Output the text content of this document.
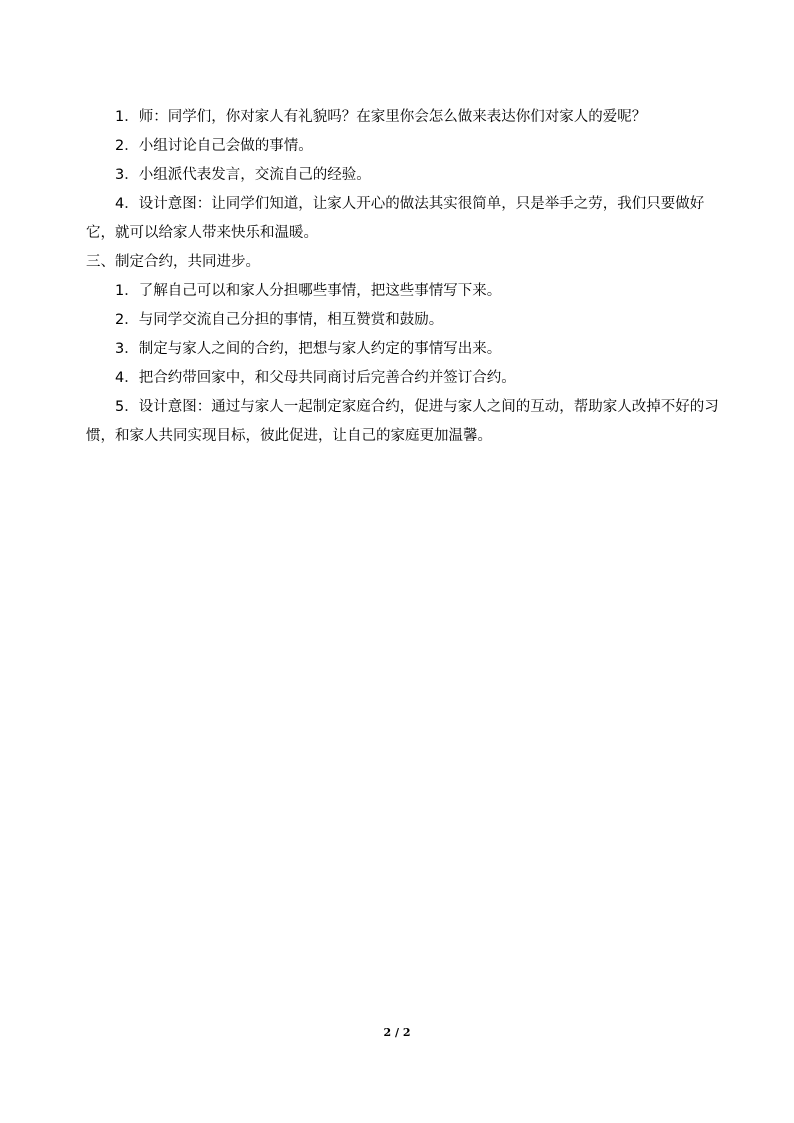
1．师：同学们，你对家人有礼貌吗？在家里你会怎么做来表达你们对家人的爱呢？

2．小组讨论自己会做的事情。

3．小组派代表发言，交流自己的经验。

4．设计意图：让同学们知道，让家人开心的做法其实很简单，只是举手之劳，我们只要做好它，就可以给家人带来快乐和温暖。

三、制定合约，共同进步。

1．了解自己可以和家人分担哪些事情，把这些事情写下来。

2．与同学交流自己分担的事情，相互赞赏和鼓励。

3．制定与家人之间的合约，把想与家人约定的事情写出来。

4．把合约带回家中，和父母共同商讨后完善合约并签订合约。

5．设计意图：通过与家人一起制定家庭合约，促进与家人之间的互动，帮助家人改掉不好的习惯，和家人共同实现目标，彼此促进，让自己的家庭更加温馨。

2 / 2
